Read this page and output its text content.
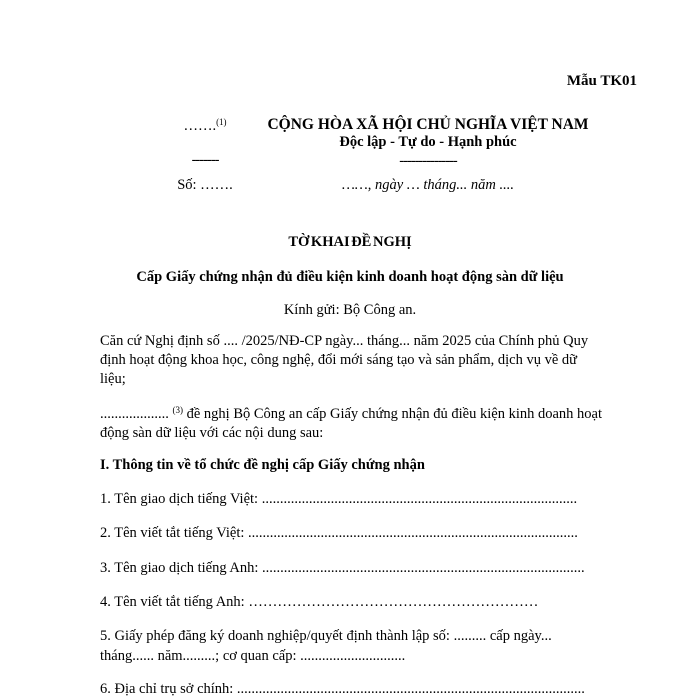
Mẫu TK01
…….$^{(1)}$
-------
Số: …….
CỘNG HÒA XÃ HỘI CHỦ NGHĨA VIỆT NAM
Độc lập - Tự do - Hạnh phúc
---------------
……, ngày … tháng... năm ....
TỜ KHAI ĐỀ NGHỊ
Cấp Giấy chứng nhận đủ điều kiện kinh doanh hoạt động sàn dữ liệu
Kính gửi: Bộ Công an.
Căn cứ Nghị định số .... /2025/NĐ-CP ngày... tháng... năm 2025 của Chính phủ Quy định hoạt động khoa học, công nghệ, đổi mới sáng tạo và sản phẩm, dịch vụ về dữ liệu;
................... $^{(3)}$ đề nghị Bộ Công an cấp Giấy chứng nhận đủ điều kiện kinh doanh hoạt động sàn dữ liệu với các nội dung sau:
I. Thông tin về tổ chức đề nghị cấp Giấy chứng nhận
1. Tên giao dịch tiếng Việt: .......................................................................................
2. Tên viết tắt tiếng Việt: ...........................................................................................
3. Tên giao dịch tiếng Anh: .........................................................................................
4. Tên viết tắt tiếng Anh: ……………………………………………………
5. Giấy phép đăng ký doanh nghiệp/quyết định thành lập số: ......... cấp ngày...
tháng...... năm.........; cơ quan cấp: .............................
6. Địa chỉ trụ sở chính: ................................................................................................
